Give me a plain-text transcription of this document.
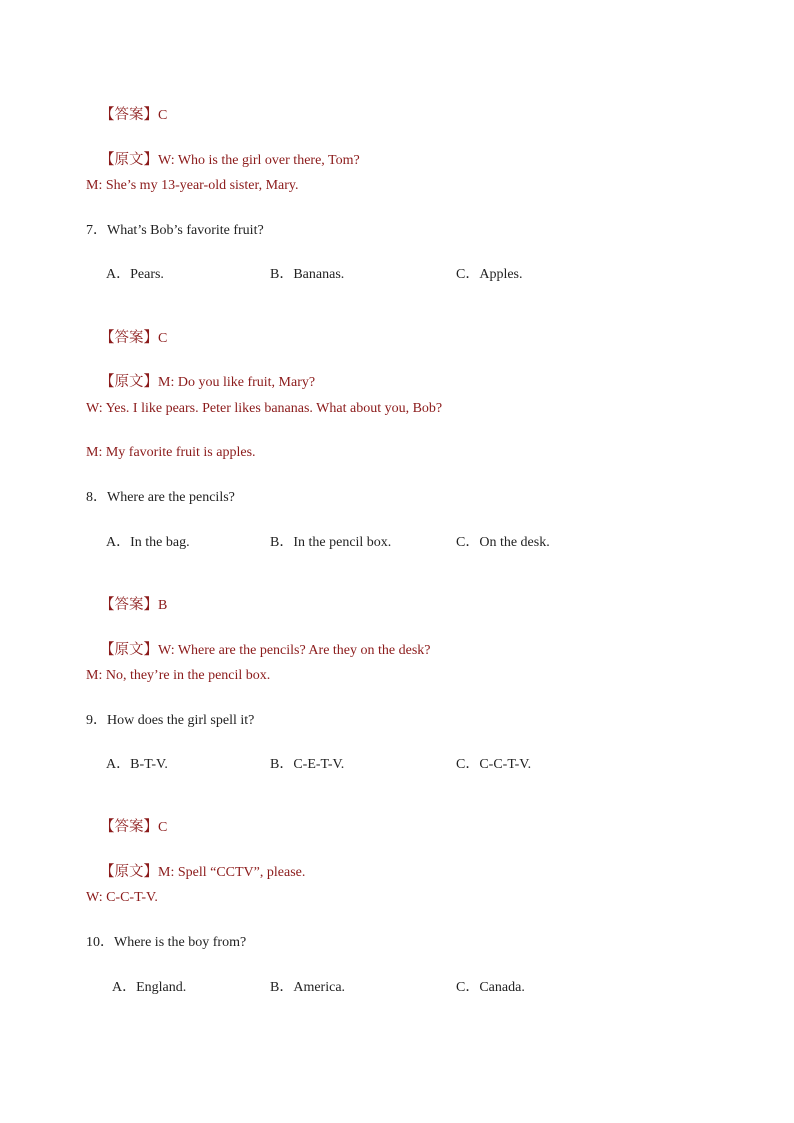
【答案】C

【原文】W: Who is the girl over there, Tom?

M: She’s my 13-year-old sister, Mary.
7．What’s Bob’s favorite fruit?
A．Pears.	B．Bananas.	C．Apples.

【答案】C

【原文】M: Do you like fruit, Mary?

W: Yes. I like pears. Peter likes bananas. What about you, Bob?
M: My favorite fruit is apples.
8．Where are the pencils?
A．In the bag.	B．In the pencil box.	C．On the desk.

【答案】B

【原文】W: Where are the pencils? Are they on the desk?

M: No, they’re in the pencil box.
9．How does the girl spell it?
A．B-T-V.	B．C-E-T-V.	C．C-C-T-V.

【答案】C

【原文】M: Spell “CCTV”, please.

W: C-C-T-V.
10．Where is the boy from?
A．England.	B．America.	C．Canada.
